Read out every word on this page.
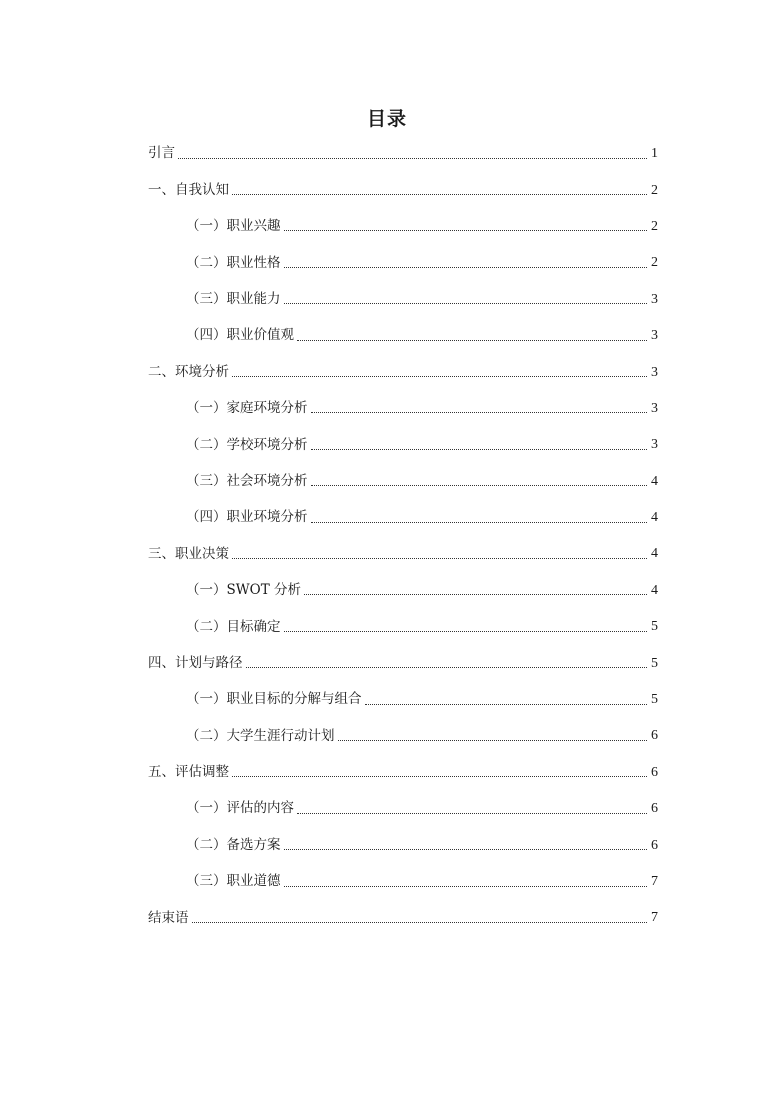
目录
引言	1
一、自我认知	2
（一）职业兴趣	2
（二）职业性格	2
（三）职业能力	3
（四）职业价值观	3
二、环境分析	3
（一）家庭环境分析	3
（二）学校环境分析	3
（三）社会环境分析	4
（四）职业环境分析	4
三、职业决策	4
（一）SWOT 分析	4
（二）目标确定	5
四、计划与路径	5
（一）职业目标的分解与组合	5
（二）大学生涯行动计划	6
五、评估调整	6
（一）评估的内容	6
（二）备选方案	6
（三）职业道德	7
结束语	7
